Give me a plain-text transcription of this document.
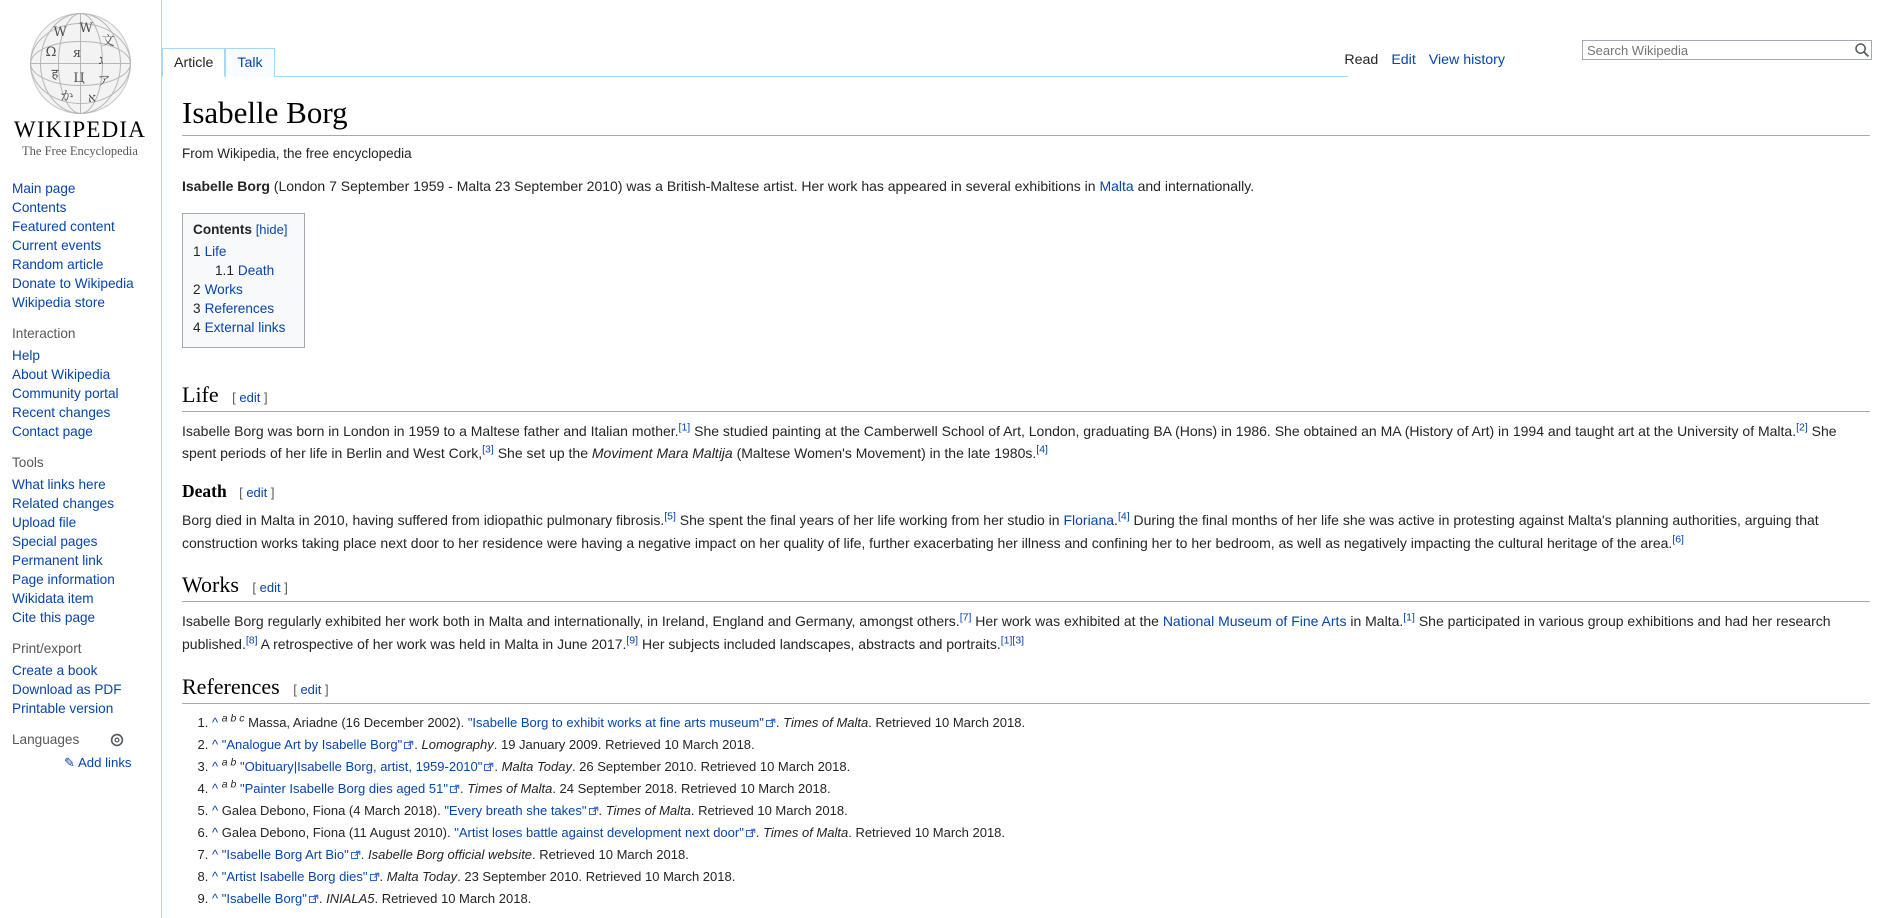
W W
文
Ω я ג
ह Ц ア
か א
WIKIPEDIA
The Free Encyclopedia
Main page
Contents
Featured content
Current events
Random article
Donate to Wikipedia
Wikipedia store
Interaction
Help
About Wikipedia
Community portal
Recent changes
Contact page
Tools
What links here
Related changes
Upload file
Special pages
Permanent link
Page information
Wikidata item
Cite this page
Print/export
Create a book
Download as PDF
Printable version
Languages
✎ Add links
Article	Talk	Read Edit View history
Search Wikipedia
Isabelle Borg
From Wikipedia, the free encyclopedia

Isabelle Borg (London 7 September 1959 - Malta 23 September 2010) was a British-Maltese artist. Her work has appeared in several exhibitions in Malta and internationally.

Contents [hide]
1 Life
1.1 Death
2 Works
3 References
4 External links
Life [ edit ]

Isabelle Borg was born in London in 1959 to a Maltese father and Italian mother.[1] She studied painting at the Camberwell School of Art, London, graduating BA (Hons) in 1986. She obtained an MA (History of Art) in 1994 and taught art at the University of Malta.[2] She spent periods of her life in Berlin and West Cork,[3] She set up the Moviment Mara Maltija (Maltese Women's Movement) in the late 1980s.[4]

Death [ edit ]

Borg died in Malta in 2010, having suffered from idiopathic pulmonary fibrosis.[5] She spent the final years of her life working from her studio in Floriana.[4] During the final months of her life she was active in protesting against Malta's planning authorities, arguing that construction works taking place next door to her residence were having a negative impact on her quality of life, further exacerbating her illness and confining her to her bedroom, as well as negatively impacting the cultural heritage of the area.[6]

Works [ edit ]

Isabelle Borg regularly exhibited her work both in Malta and internationally, in Ireland, England and Germany, amongst others.[7] Her work was exhibited at the National Museum of Fine Arts in Malta.[1] She participated in various group exhibitions and had her research published.[8] A retrospective of her work was held in Malta in June 2017.[9] Her subjects included landscapes, abstracts and portraits.[1][3]

References [ edit ]
1. ^ $^{a b c}$ Massa, Ariadne (16 December 2002). "Isabelle Borg to exhibit works at fine arts museum" . Times of Malta. Retrieved 10 March 2018.
2. ^ "Analogue Art by Isabelle Borg" . Lomography. 19 January 2009. Retrieved 10 March 2018.
3. ^ $^{a b}$ "Obituary|Isabelle Borg, artist, 1959-2010" . Malta Today. 26 September 2010. Retrieved 10 March 2018.
4. ^ $^{a b}$ "Painter Isabelle Borg dies aged 51" . Times of Malta. 24 September 2018. Retrieved 10 March 2018.
5. ^ Galea Debono, Fiona (4 March 2018). "Every breath she takes" . Times of Malta. Retrieved 10 March 2018.
6. ^ Galea Debono, Fiona (11 August 2010). "Artist loses battle against development next door" . Times of Malta. Retrieved 10 March 2018.
7. ^ "Isabelle Borg Art Bio" . Isabelle Borg official website. Retrieved 10 March 2018.
8. ^ "Artist Isabelle Borg dies" . Malta Today. 23 September 2010. Retrieved 10 March 2018.
9. ^ "Isabelle Borg" . INIALA5. Retrieved 10 March 2018.
